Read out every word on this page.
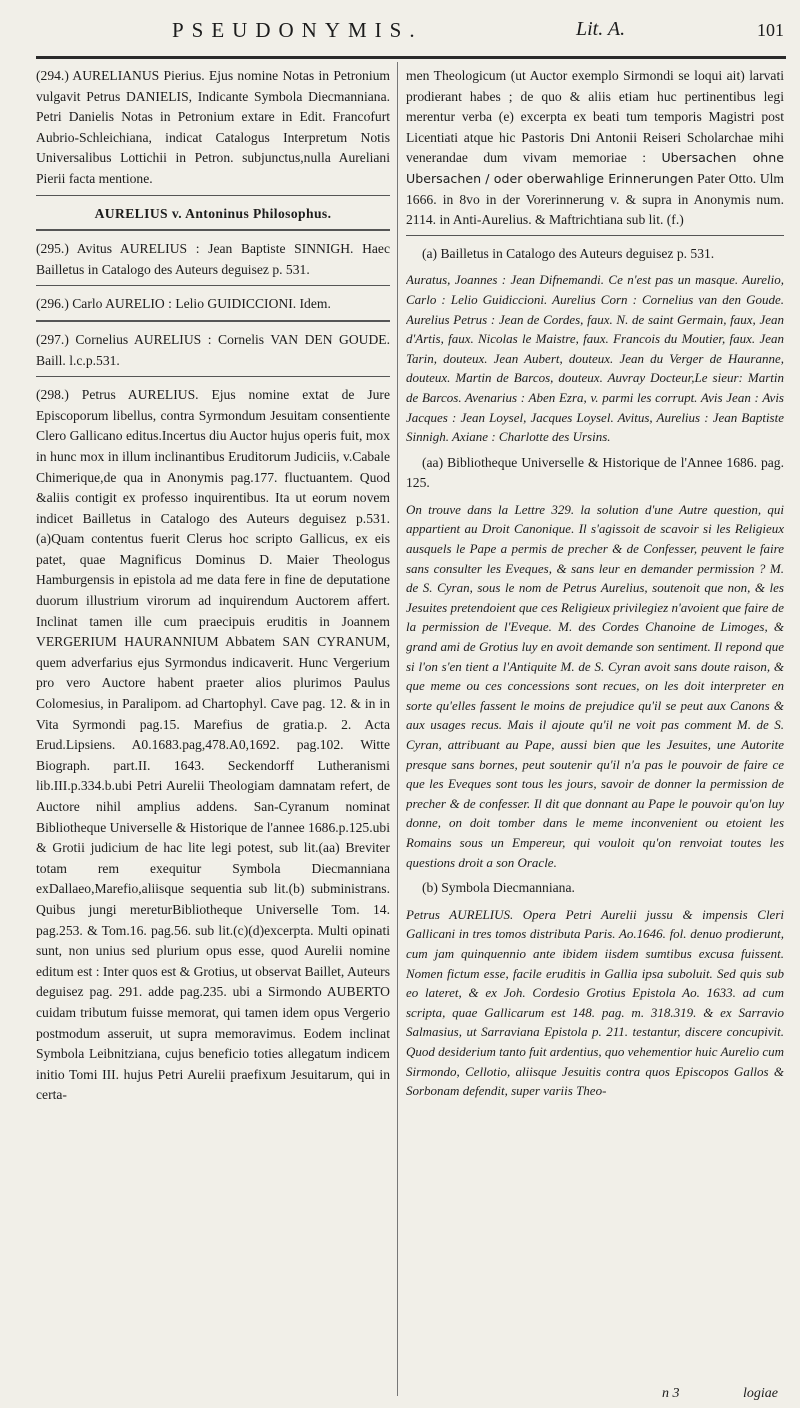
PSEUDONYMIS.	Lit. A.	101

(294.) AURELIANUS Pierius. Ejus nomine Notas in Petronium vulgavit Petrus DANIELIS, Indicante Symbola Diecmanniana. Petri Danielis Notas in Petronium extare in Edit. Francofurt Aubrio-Schleichiana, indicat Catalogus Interpretum Notis Universalibus Lottichii in Petron. subjunctus,nulla Aureliani Pierii facta mentione.

AURELIUS v. Antoninus Philosophus.

(295.) Avitus AURELIUS : Jean Baptiste SINNIGH. Haec Bailletus in Catalogo des Auteurs deguisez p. 531.

(296.) Carlo AURELIO : Lelio GUIDICCIONI. Idem.

(297.) Cornelius AURELIUS : Cornelis VAN DEN GOUDE. Baill. l.c.p.531.

(298.) Petrus AURELIUS. Ejus nomine extat de Jure Episcoporum libellus, contra Syrmondum Jesuitam consentiente Clero Gallicano editus.Incertus diu Auctor hujus operis fuit, mox in hunc mox in illum inclinantibus Eruditorum Judiciis, v.Cabale Chimerique,de qua in Anonymis pag.177. fluctuantem. Quod &aliis contigit ex professo inquirentibus. Ita ut eorum novem indicet Bailletus in Catalogo des Auteurs deguisez p.531. (a)Quam contentus fuerit Clerus hoc scripto Gallicus, ex eis patet, quae Magnificus Dominus D. Maier Theologus Hamburgensis in epistola ad me data fere in fine de deputatione duorum illustrium virorum ad inquirendum Auctorem affert. Inclinat tamen ille cum praecipuis eruditis in Joannem VERGERIUM HAURANNIUM Abbatem SAN CYRANUM, quem adverfarius ejus Syrmondus indicaverit. Hunc Vergerium pro vero Auctore habent praeter alios plurimos Paulus Colomesius, in Paralipom. ad Chartophyl. Cave pag. 12. & in in Vita Syrmondi pag.15. Marefius de gratia.p. 2. Acta Erud.Lipsiens. A0.1683.pag,478.A0,1692. pag.102. Witte Biograph. part.II. 1643. Seckendorff Lutheranismi lib.III.p.334.b.ubi Petri Aurelii Theologiam damnatam refert, de Auctore nihil amplius addens. San-Cyranum nominat Bibliotheque Universelle & Historique de l'annee 1686.p.125.ubi & Grotii judicium de hac lite legi potest, sub lit.(aa) Breviter totam rem exequitur Symbola Diecmanniana exDallaeo,Marefio,aliisque sequentia sub lit.(b) subministrans. Quibus jungi mereturBibliotheque Universelle Tom. 14. pag.253. & Tom.16. pag.56. sub lit.(c)(d)excerpta. Multi opinati sunt, non unius sed plurium opus esse, quod Aurelii nomine editum est : Inter quos est & Grotius, ut observat Baillet, Auteurs deguisez pag. 291. adde pag.235. ubi a Sirmondo AUBERTO cuidam tributum fuisse memorat, qui tamen idem opus Vergerio postmodum asseruit, ut supra memoravimus. Eodem inclinat Symbola Leibnitziana, cujus beneficio toties allegatum indicem initio Tomi III. hujus Petri Aurelii praefixum Jesuitarum, qui in certa-

men Theologicum (ut Auctor exemplo Sirmondi se loqui ait) larvati prodierant habes ; de quo & aliis etiam huc pertinentibus legi merentur verba (e) excerpta ex beati tum temporis Magistri post Licentiati atque hic Pastoris Dni Antonii Reiseri Scholarchae mihi venerandae dum vivam memoriae : Ubersachen ohne Ubersachen / oder oberwahlige Erinnerungen Pater Otto. Ulm 1666. in 8vo in der Vorerinnerung v. & supra in Anonymis num. 2114. in Anti-Aurelius. & Maftrichtiana sub lit. (f.)

(a) Bailletus in Catalogo des Auteurs deguisez p. 531.

Auratus, Joannes : Jean Difnemandi. Ce n'est pas un masque. Aurelio, Carlo : Lelio Guidiccioni. Aurelius Corn : Cornelius van den Goude. Aurelius Petrus : Jean de Cordes, faux. N. de saint Germain, faux, Jean d'Artis, faux. Nicolas le Maistre, faux. Francois du Moutier, faux. Jean Tarin, douteux. Jean Aubert, douteux. Jean du Verger de Hauranne, douteux. Martin de Barcos, douteux. Auvray Docteur,Le sieur: Martin de Barcos. Avenarius : Aben Ezra, v. parmi les corrupt. Avis Jean : Avis Jacques : Jean Loysel, Jacques Loysel. Avitus, Aurelius : Jean Baptiste Sinnigh. Axiane : Charlotte des Ursins.

(aa) Bibliotheque Universelle & Historique de l'Annee 1686. pag. 125.

On trouve dans la Lettre 329. la solution d'une Autre question, qui appartient au Droit Canonique. Il s'agissoit de scavoir si les Religieux ausquels le Pape a permis de precher & de Confesser, peuvent le faire sans consulter les Eveques, & sans leur en demander permission ? M. de S. Cyran, sous le nom de Petrus Aurelius, soutenoit que non, & les Jesuites pretendoient que ces Religieux privilegiez n'avoient que faire de la permission de l'Eveque. M. des Cordes Chanoine de Limoges, & grand ami de Grotius luy en avoit demande son sentiment. Il repond que si l'on s'en tient a l'Antiquite M. de S. Cyran avoit sans doute raison, & que meme ou ces concessions sont recues, on les doit interpreter en sorte qu'elles fassent le moins de prejudice qu'il se peut aux Canons & aux usages recus. Mais il ajoute qu'il ne voit pas comment M. de S. Cyran, attribuant au Pape, aussi bien que les Jesuites, une Autorite presque sans bornes, peut soutenir qu'il n'a pas le pouvoir de faire ce que les Eveques sont tous les jours, savoir de donner la permission de precher & de confesser. Il dit que donnant au Pape le pouvoir qu'on luy donne, on doit tomber dans le meme inconvenient ou etoient les Romains sous un Empereur, qui vouloit qu'on renvoiat toutes les questions droit a son Oracle.

(b) Symbola Diecmanniana.

Petrus AURELIUS. Opera Petri Aurelii jussu & impensis Cleri Gallicani in tres tomos distributa Paris. Ao.1646. fol. denuo prodierunt, cum jam quinquennio ante ibidem iisdem sumtibus excusa fuissent. Nomen fictum esse, facile eruditis in Gallia ipsa suboluit. Sed quis sub eo lateret, & ex Joh. Cordesio Grotius Epistola Ao. 1633. ad cum scripta, quae Gallicarum est 148. pag. m. 318.319. & ex Sarravio Salmasius, ut Sarraviana Epistola p. 211. testantur, discere concupivit. Quod desiderium tanto fuit ardentius, quo vehementior huic Aurelio cum Sirmondo, Cellotio, aliisque Jesuitis contra quos Episcopos Gallos & Sorbonam defendit, super variis Theo-

n 3	logiae
